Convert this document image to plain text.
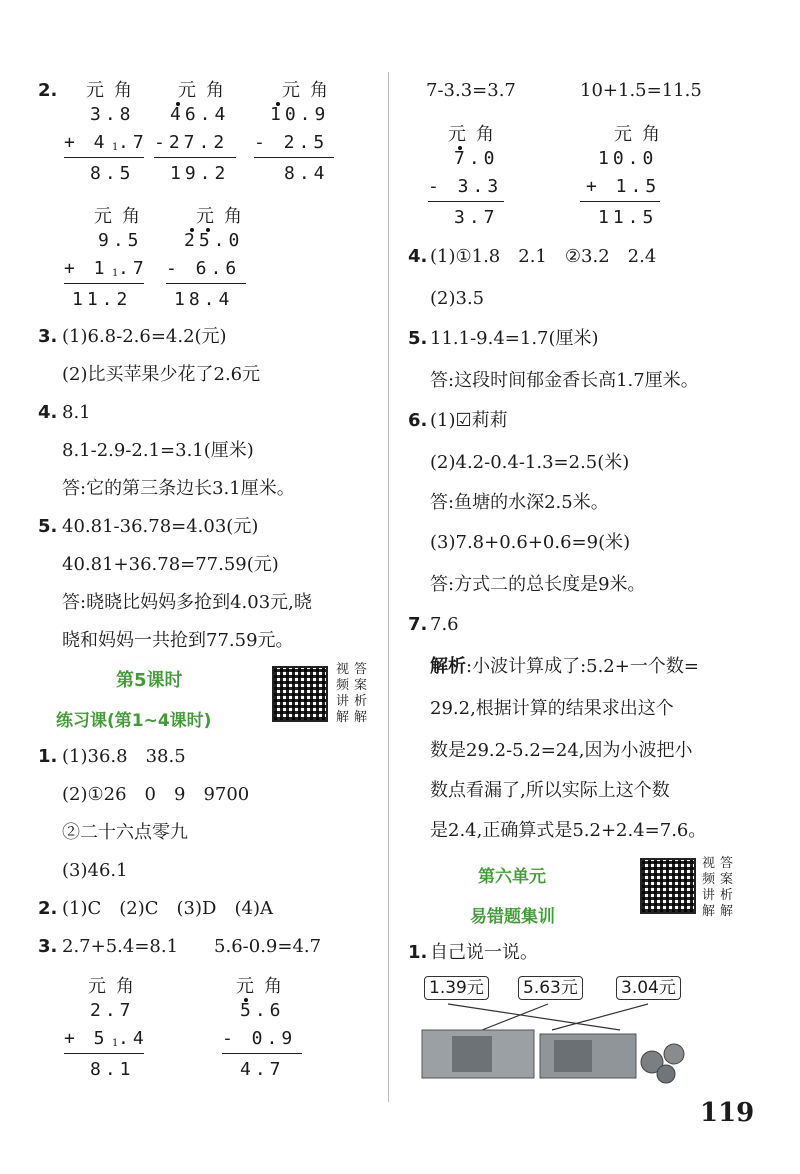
2. 元角
3.8
+ 4 1 .7
8.5
元角
46.4
-27.2
19.2
元角
10.9
- 2.5
8.4
元角
9.5
+ 1 1 .7
11.2
元角
25.0
- 6.6
18.4
3. (1)6.8-2.6=4.2(元)
(2)比买苹果少花了2.6元
4. 8.1
8.1-2.9-2.1=3.1(厘米)
答:它的第三条边长3.1厘米。
5. 40.81-36.78=4.03(元)
40.81+36.78=77.59(元)
答:晓晓比妈妈多抢到4.03元,晓
晓和妈妈一共抢到77.59元。
第5课时
练习课(第1~4课时)
视
频
讲
解
答
案
析
解
1. (1)36.8　38.5
(2)①26　0　9　9700
②二十六点零九
(3)46.1
2. (1)C　(2)C　(3)D　(4)A
3. 2.7+5.4=8.1　　5.6-0.9=4.7
元角
2.7
+ 5 1 .4
8.1
元角
5.6
- 0.9
4.7
7-3.3=3.7	10+1.5=11.5
元角
7.0
- 3.3
3.7
元角
10.0
+ 1.5
11.5
4. (1)①1.8　2.1　②3.2　2.4
(2)3.5
5. 11.1-9.4=1.7(厘米)
答:这段时间郁金香长高1.7厘米。
6. (1)☑莉莉
(2)4.2-0.4-1.3=2.5(米)
答:鱼塘的水深2.5米。
(3)7.8+0.6+0.6=9(米)
答:方式二的总长度是9米。
7. 7.6
解析:小波计算成了:5.2+一个数=
29.2,根据计算的结果求出这个
数是29.2-5.2=24,因为小波把小
数点看漏了,所以实际上这个数
是2.4,正确算式是5.2+2.4=7.6。
第六单元
易错题集训
视
频
讲
解
答
案
析
解
1. 自己说一说。
1.39元 5.63元	3.04元
119
